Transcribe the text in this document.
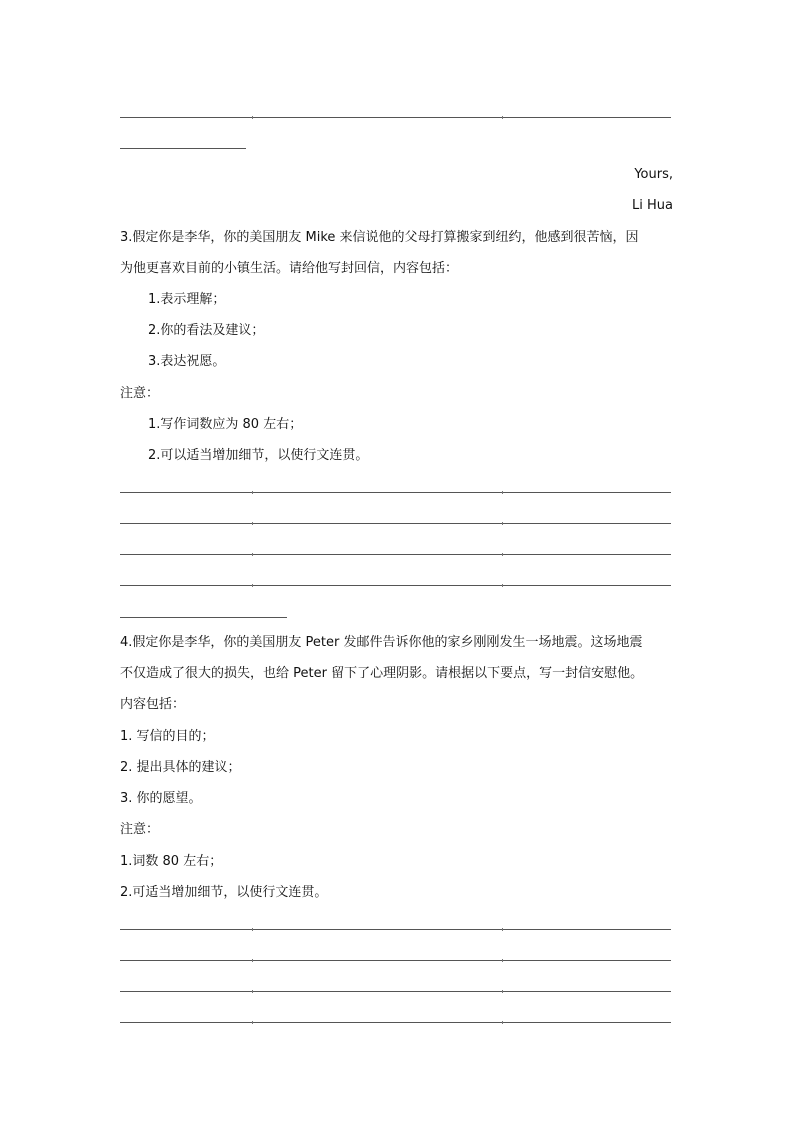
Yours,
Li Hua
3.假定你是李华，你的美国朋友 Mike 来信说他的父母打算搬家到纽约，他感到很苦恼，因
为他更喜欢目前的小镇生活。请给他写封回信，内容包括：
1.表示理解；
2.你的看法及建议；
3.表达祝愿。
注意：
1.写作词数应为 80 左右；
2.可以适当增加细节，以使行文连贯。
4.假定你是李华，你的美国朋友 Peter 发邮件告诉你他的家乡刚刚发生一场地震。这场地震
不仅造成了很大的损失，也给 Peter 留下了心理阴影。请根据以下要点，写一封信安慰他。
内容包括：
1. 写信的目的；
2. 提出具体的建议；
3. 你的愿望。
注意：
1.词数 80 左右；
2.可适当增加细节，以使行文连贯。
